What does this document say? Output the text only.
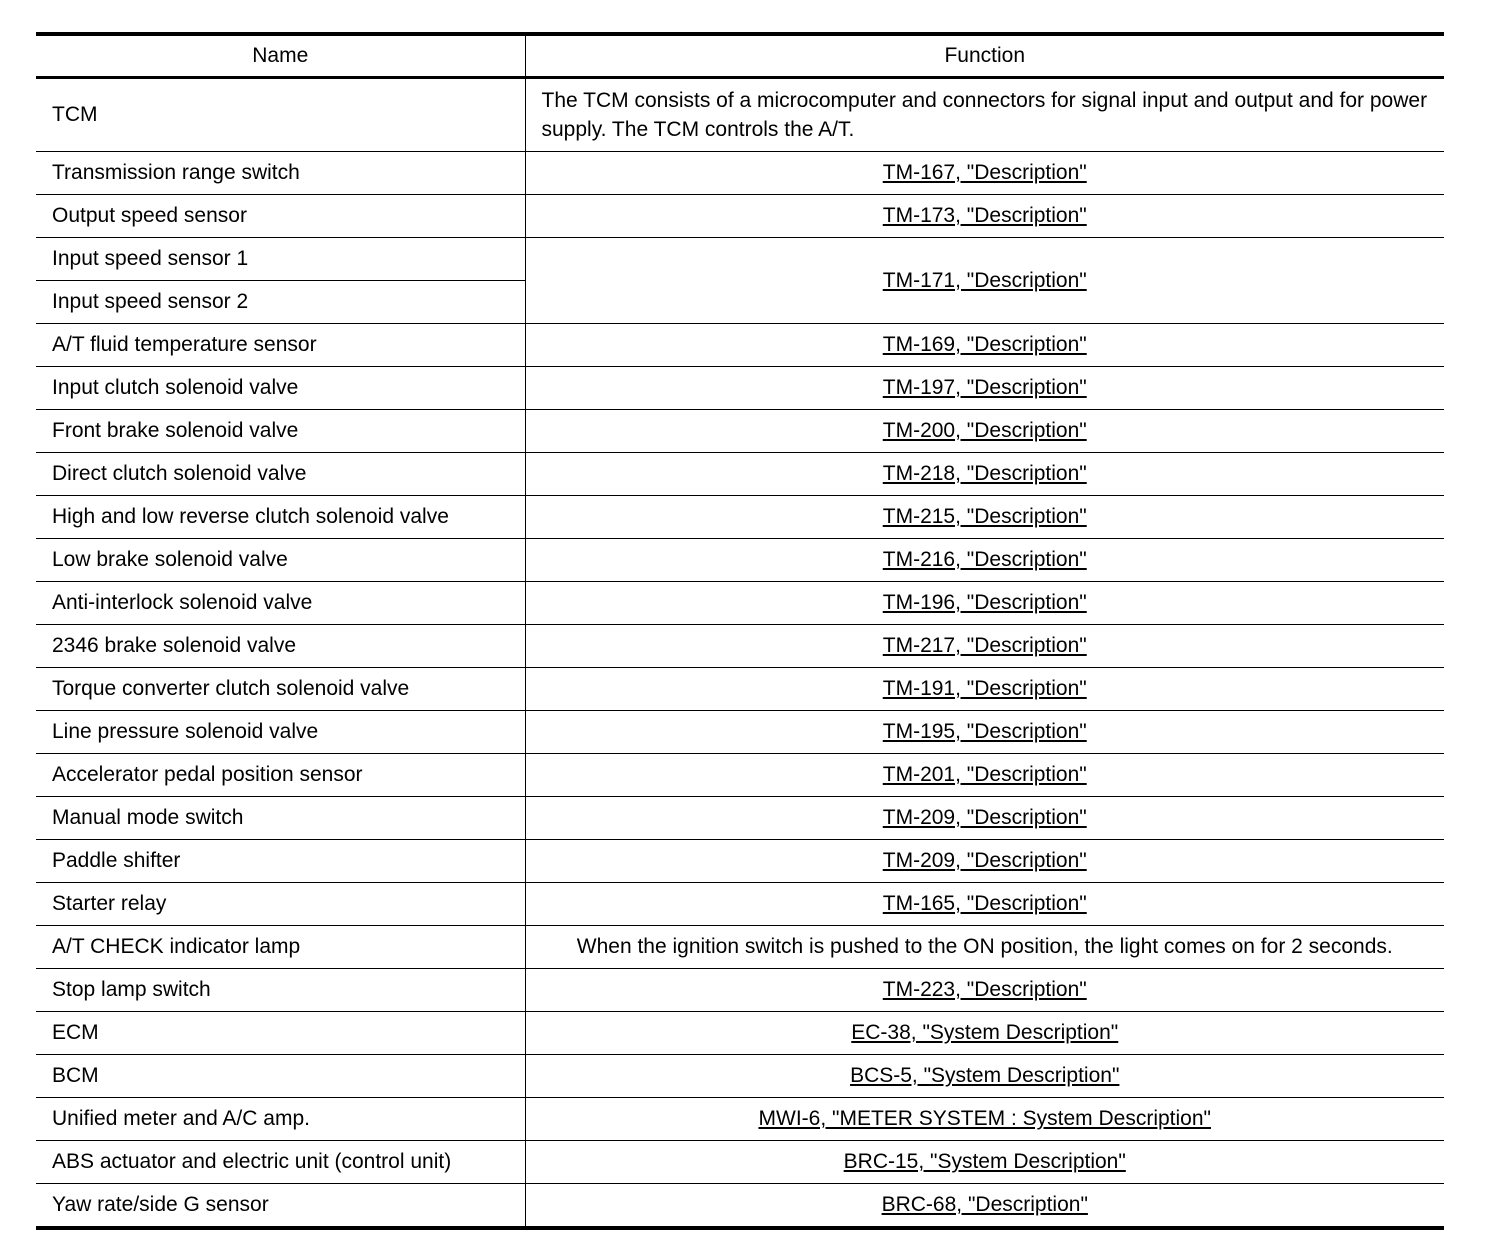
Name	Function
TCM	The TCM consists of a microcomputer and connectors for signal input and output and for power supply. The TCM controls the A/T.
Transmission range switch	TM-167, "Description"
Output speed sensor	TM-173, "Description"
Input speed sensor 1	TM-171, "Description"
Input speed sensor 2	
A/T fluid temperature sensor	TM-169, "Description"
Input clutch solenoid valve	TM-197, "Description"
Front brake solenoid valve	TM-200, "Description"
Direct clutch solenoid valve	TM-218, "Description"
High and low reverse clutch solenoid valve	TM-215, "Description"
Low brake solenoid valve	TM-216, "Description"
Anti-interlock solenoid valve	TM-196, "Description"
2346 brake solenoid valve	TM-217, "Description"
Torque converter clutch solenoid valve	TM-191, "Description"
Line pressure solenoid valve	TM-195, "Description"
Accelerator pedal position sensor	TM-201, "Description"
Manual mode switch	TM-209, "Description"
Paddle shifter	TM-209, "Description"
Starter relay	TM-165, "Description"
A/T CHECK indicator lamp	When the ignition switch is pushed to the ON position, the light comes on for 2 seconds.
Stop lamp switch	TM-223, "Description"
ECM	EC-38, "System Description"
BCM	BCS-5, "System Description"
Unified meter and A/C amp.	MWI-6, "METER SYSTEM : System Description"
ABS actuator and electric unit (control unit)	BRC-15, "System Description"
Yaw rate/side G sensor	BRC-68, "Description"
